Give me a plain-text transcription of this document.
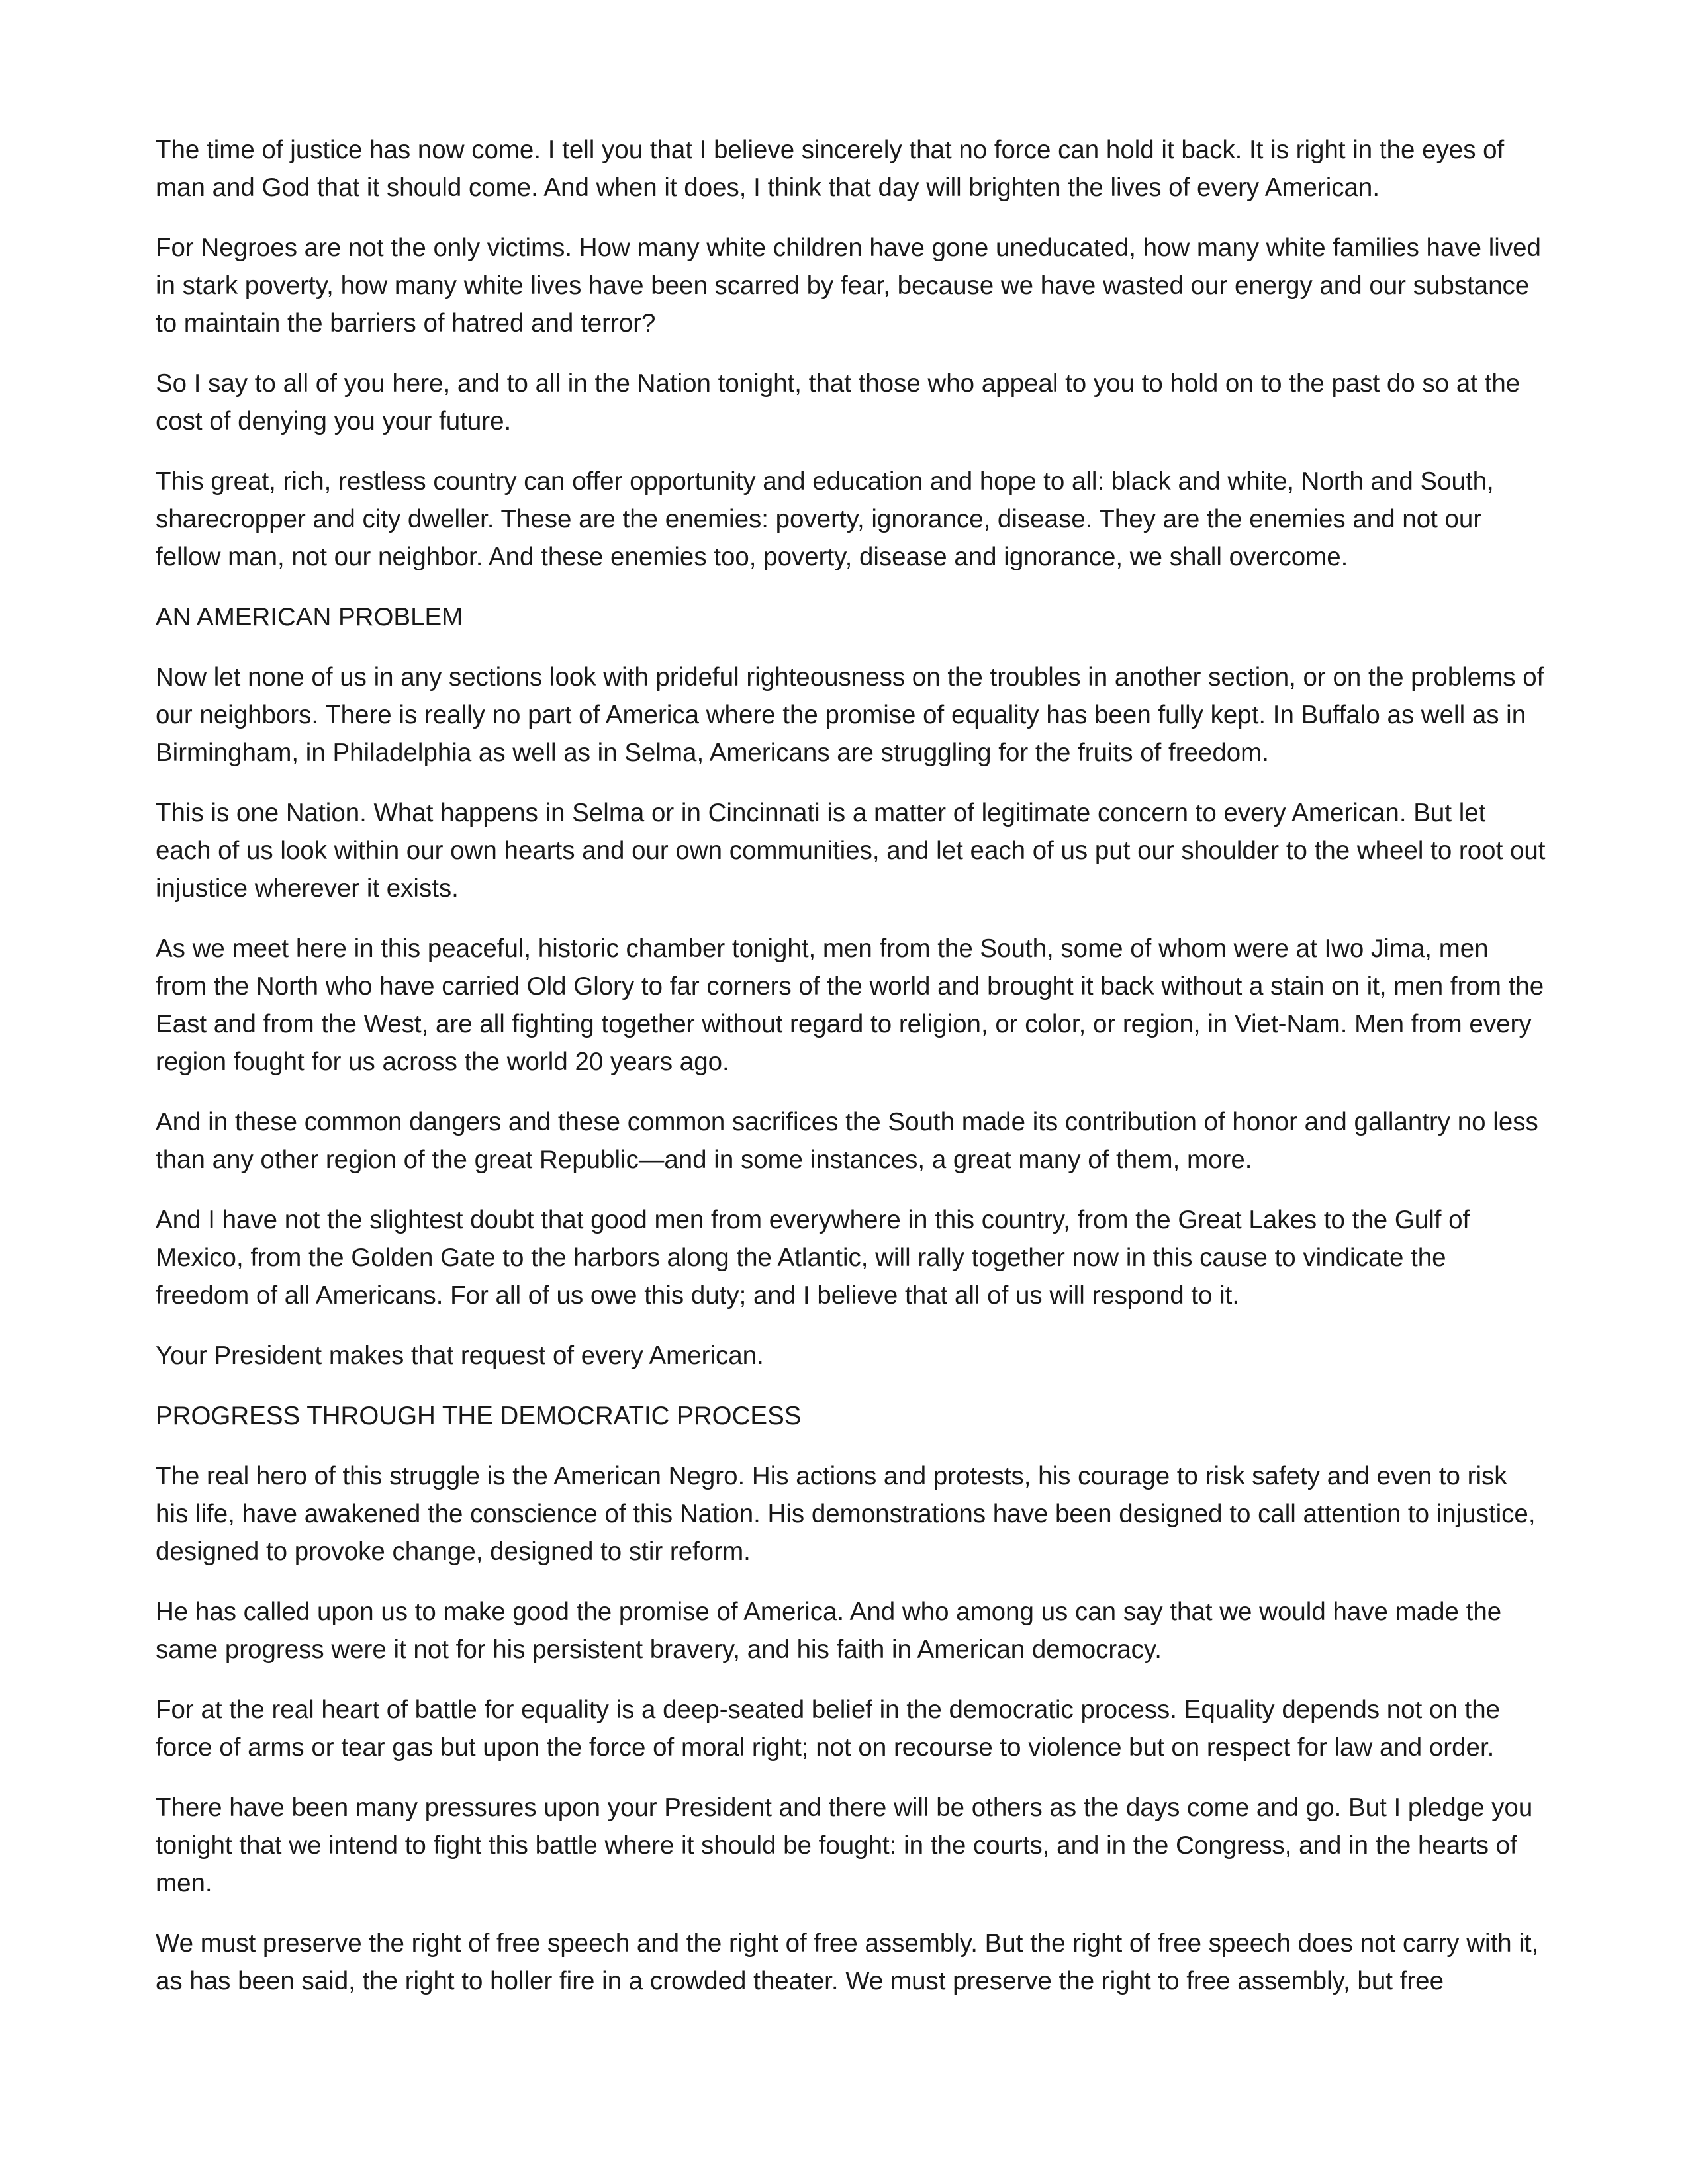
The time of justice has now come. I tell you that I believe sincerely that no force can hold it back. It is right in the eyes of man and God that it should come. And when it does, I think that day will brighten the lives of every American.

For Negroes are not the only victims. How many white children have gone uneducated, how many white families have lived in stark poverty, how many white lives have been scarred by fear, because we have wasted our energy and our substance to maintain the barriers of hatred and terror?

So I say to all of you here, and to all in the Nation tonight, that those who appeal to you to hold on to the past do so at the cost of denying you your future.

This great, rich, restless country can offer opportunity and education and hope to all: black and white, North and South, sharecropper and city dweller. These are the enemies: poverty, ignorance, disease. They are the enemies and not our fellow man, not our neighbor. And these enemies too, poverty, disease and ignorance, we shall overcome.

AN AMERICAN PROBLEM

Now let none of us in any sections look with prideful righteousness on the troubles in another section, or on the problems of our neighbors. There is really no part of America where the promise of equality has been fully kept. In Buffalo as well as in Birmingham, in Philadelphia as well as in Selma, Americans are struggling for the fruits of freedom.

This is one Nation. What happens in Selma or in Cincinnati is a matter of legitimate concern to every American. But let each of us look within our own hearts and our own communities, and let each of us put our shoulder to the wheel to root out injustice wherever it exists.

As we meet here in this peaceful, historic chamber tonight, men from the South, some of whom were at Iwo Jima, men from the North who have carried Old Glory to far corners of the world and brought it back without a stain on it, men from the East and from the West, are all fighting together without regard to religion, or color, or region, in Viet-Nam. Men from every region fought for us across the world 20 years ago.

And in these common dangers and these common sacrifices the South made its contribution of honor and gallantry no less than any other region of the great Republic—and in some instances, a great many of them, more.

And I have not the slightest doubt that good men from everywhere in this country, from the Great Lakes to the Gulf of Mexico, from the Golden Gate to the harbors along the Atlantic, will rally together now in this cause to vindicate the freedom of all Americans. For all of us owe this duty; and I believe that all of us will respond to it.

Your President makes that request of every American.

PROGRESS THROUGH THE DEMOCRATIC PROCESS

The real hero of this struggle is the American Negro. His actions and protests, his courage to risk safety and even to risk his life, have awakened the conscience of this Nation. His demonstrations have been designed to call attention to injustice, designed to provoke change, designed to stir reform.

He has called upon us to make good the promise of America. And who among us can say that we would have made the same progress were it not for his persistent bravery, and his faith in American democracy.

For at the real heart of battle for equality is a deep-seated belief in the democratic process. Equality depends not on the force of arms or tear gas but upon the force of moral right; not on recourse to violence but on respect for law and order.

There have been many pressures upon your President and there will be others as the days come and go. But I pledge you tonight that we intend to fight this battle where it should be fought: in the courts, and in the Congress, and in the hearts of men.

We must preserve the right of free speech and the right of free assembly. But the right of free speech does not carry with it, as has been said, the right to holler fire in a crowded theater. We must preserve the right to free assembly, but free
